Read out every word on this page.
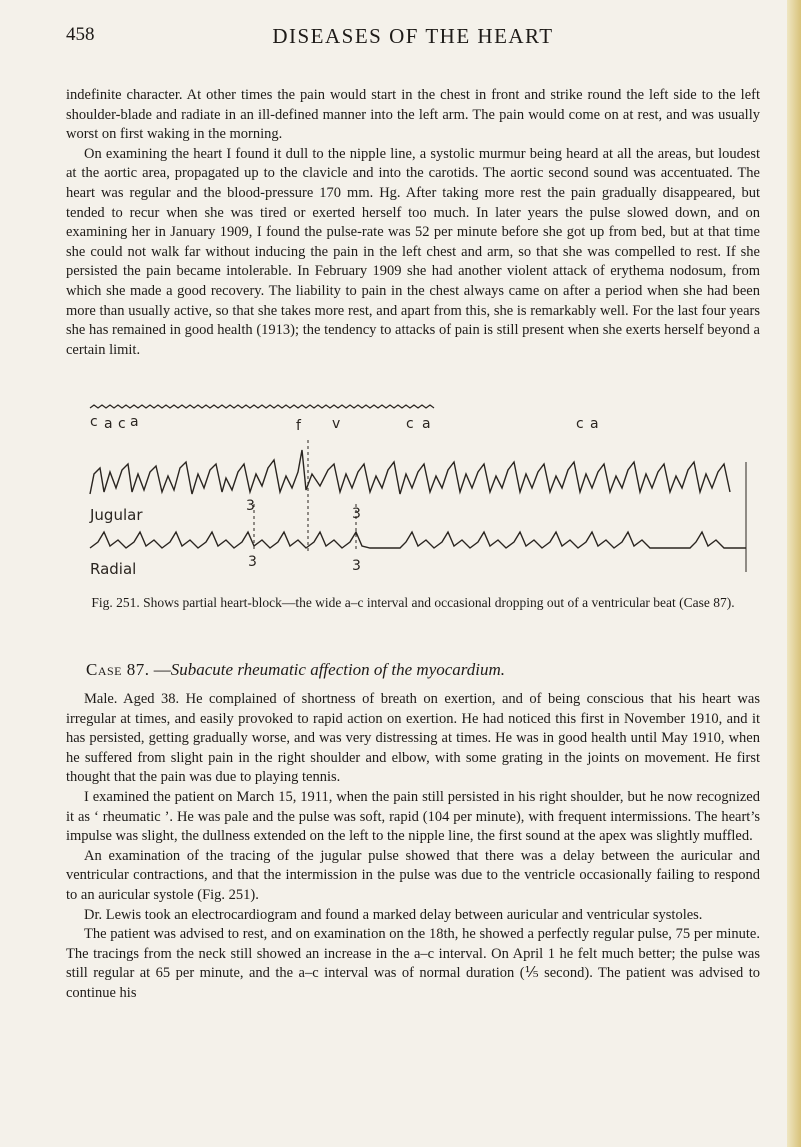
458	DISEASES OF THE HEART

indefinite character. At other times the pain would start in the chest in front and strike round the left side to the left shoulder-blade and radiate in an ill-defined manner into the left arm. The pain would come on at rest, and was usually worst on first waking in the morning.

On examining the heart I found it dull to the nipple line, a systolic murmur being heard at all the areas, but loudest at the aortic area, propagated up to the clavicle and into the carotids. The aortic second sound was accentuated. The heart was regular and the blood-pressure 170 mm. Hg. After taking more rest the pain gradually disappeared, but tended to recur when she was tired or exerted herself too much. In later years the pulse slowed down, and on examining her in January 1909, I found the pulse-rate was 52 per minute before she got up from bed, but at that time she could not walk far without inducing the pain in the left chest and arm, so that she was compelled to rest. If she persisted the pain became intolerable. In February 1909 she had another violent attack of erythema nodosum, from which she made a good recovery. The liability to pain in the chest always came on after a period when she had been more than usually active, so that she takes more rest, and apart from this, she is remarkably well. For the last four years she has remained in good health (1913); the tendency to attacks of pain is still present when she exerts herself beyond a certain limit.

c a c a	f v	c a	c a
Jugular	3	3
Radial	3	3
Fig. 251. Shows partial heart-block—the wide a–c interval and occasional dropping out of a ventricular beat (Case 87).
Case 87. —Subacute rheumatic affection of the myocardium.

Male. Aged 38. He complained of shortness of breath on exertion, and of being conscious that his heart was irregular at times, and easily provoked to rapid action on exertion. He had noticed this first in November 1910, and it has persisted, getting gradually worse, and was very distressing at times. He was in good health until May 1910, when he suffered from slight pain in the right shoulder and elbow, with some grating in the joints on movement. He first thought that the pain was due to playing tennis.

I examined the patient on March 15, 1911, when the pain still persisted in his right shoulder, but he now recognized it as ‘ rheumatic ’. He was pale and the pulse was soft, rapid (104 per minute), with frequent intermissions. The heart’s impulse was slight, the dullness extended on the left to the nipple line, the first sound at the apex was slightly muffled.

An examination of the tracing of the jugular pulse showed that there was a delay between the auricular and ventricular contractions, and that the intermission in the pulse was due to the ventricle occasionally failing to respond to an auricular systole (Fig. 251).

Dr. Lewis took an electrocardiogram and found a marked delay between auricular and ventricular systoles.

The patient was advised to rest, and on examination on the 18th, he showed a perfectly regular pulse, 75 per minute. The tracings from the neck still showed an increase in the a–c interval. On April 1 he felt much better; the pulse was still regular at 65 per minute, and the a–c interval was of normal duration (⅕ second). The patient was advised to continue his
